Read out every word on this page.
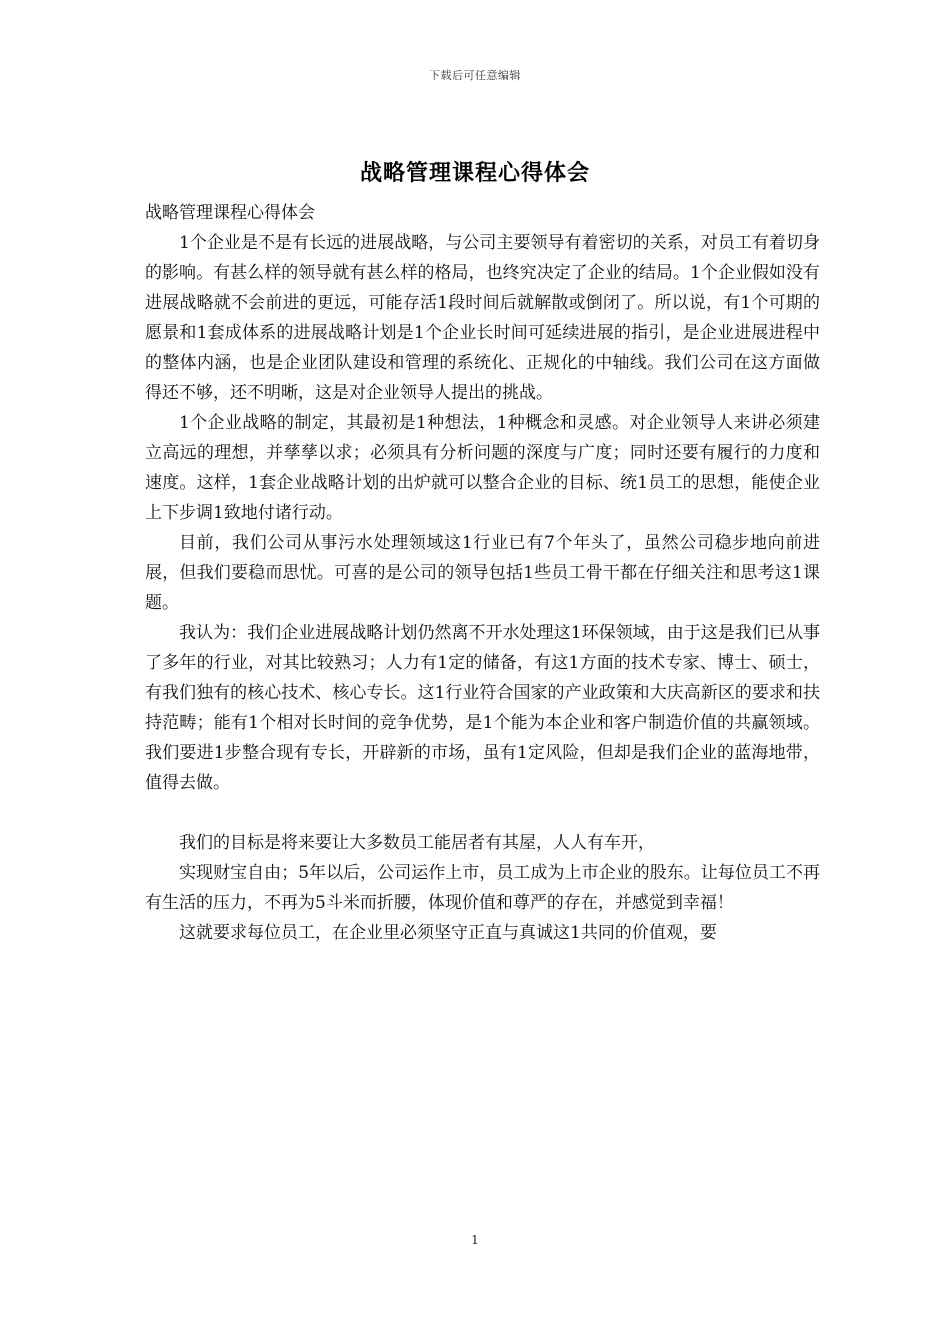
下载后可任意编辑
战略管理课程心得体会

战略管理课程心得体会

1个企业是不是有长远的进展战略，与公司主要领导有着密切的关系，对员工有着切身的影响。有甚么样的领导就有甚么样的格局，也终究决定了企业的结局。1个企业假如没有进展战略就不会前进的更远，可能存活1段时间后就解散或倒闭了。所以说，有1个可期的愿景和1套成体系的进展战略计划是1个企业长时间可延续进展的指引，是企业进展进程中的整体内涵，也是企业团队建设和管理的系统化、正规化的中轴线。我们公司在这方面做得还不够，还不明晰，这是对企业领导人提出的挑战。

1个企业战略的制定，其最初是1种想法，1种概念和灵感。对企业领导人来讲必须建立高远的理想，并孳孳以求；必须具有分析问题的深度与广度；同时还要有履行的力度和速度。这样，1套企业战略计划的出炉就可以整合企业的目标、统1员工的思想，能使企业上下步调1致地付诸行动。

目前，我们公司从事污水处理领域这1行业已有7个年头了，虽然公司稳步地向前进展，但我们要稳而思忧。可喜的是公司的领导包括1些员工骨干都在仔细关注和思考这1课题。

我认为：我们企业进展战略计划仍然离不开水处理这1环保领域，由于这是我们已从事了多年的行业，对其比较熟习；人力有1定的储备，有这1方面的技术专家、博士、硕士，有我们独有的核心技术、核心专长。这1行业符合国家的产业政策和大庆高新区的要求和扶持范畴；能有1个相对长时间的竞争优势，是1个能为本企业和客户制造价值的共赢领域。我们要进1步整合现有专长，开辟新的市场，虽有1定风险，但却是我们企业的蓝海地带，值得去做。

我们的目标是将来要让大多数员工能居者有其屋，人人有车开，

实现财宝自由；5年以后，公司运作上市，员工成为上市企业的股东。让每位员工不再有生活的压力，不再为5斗米而折腰，体现价值和尊严的存在，并感觉到幸福！

这就要求每位员工，在企业里必须坚守正直与真诚这1共同的价值观，要

1
